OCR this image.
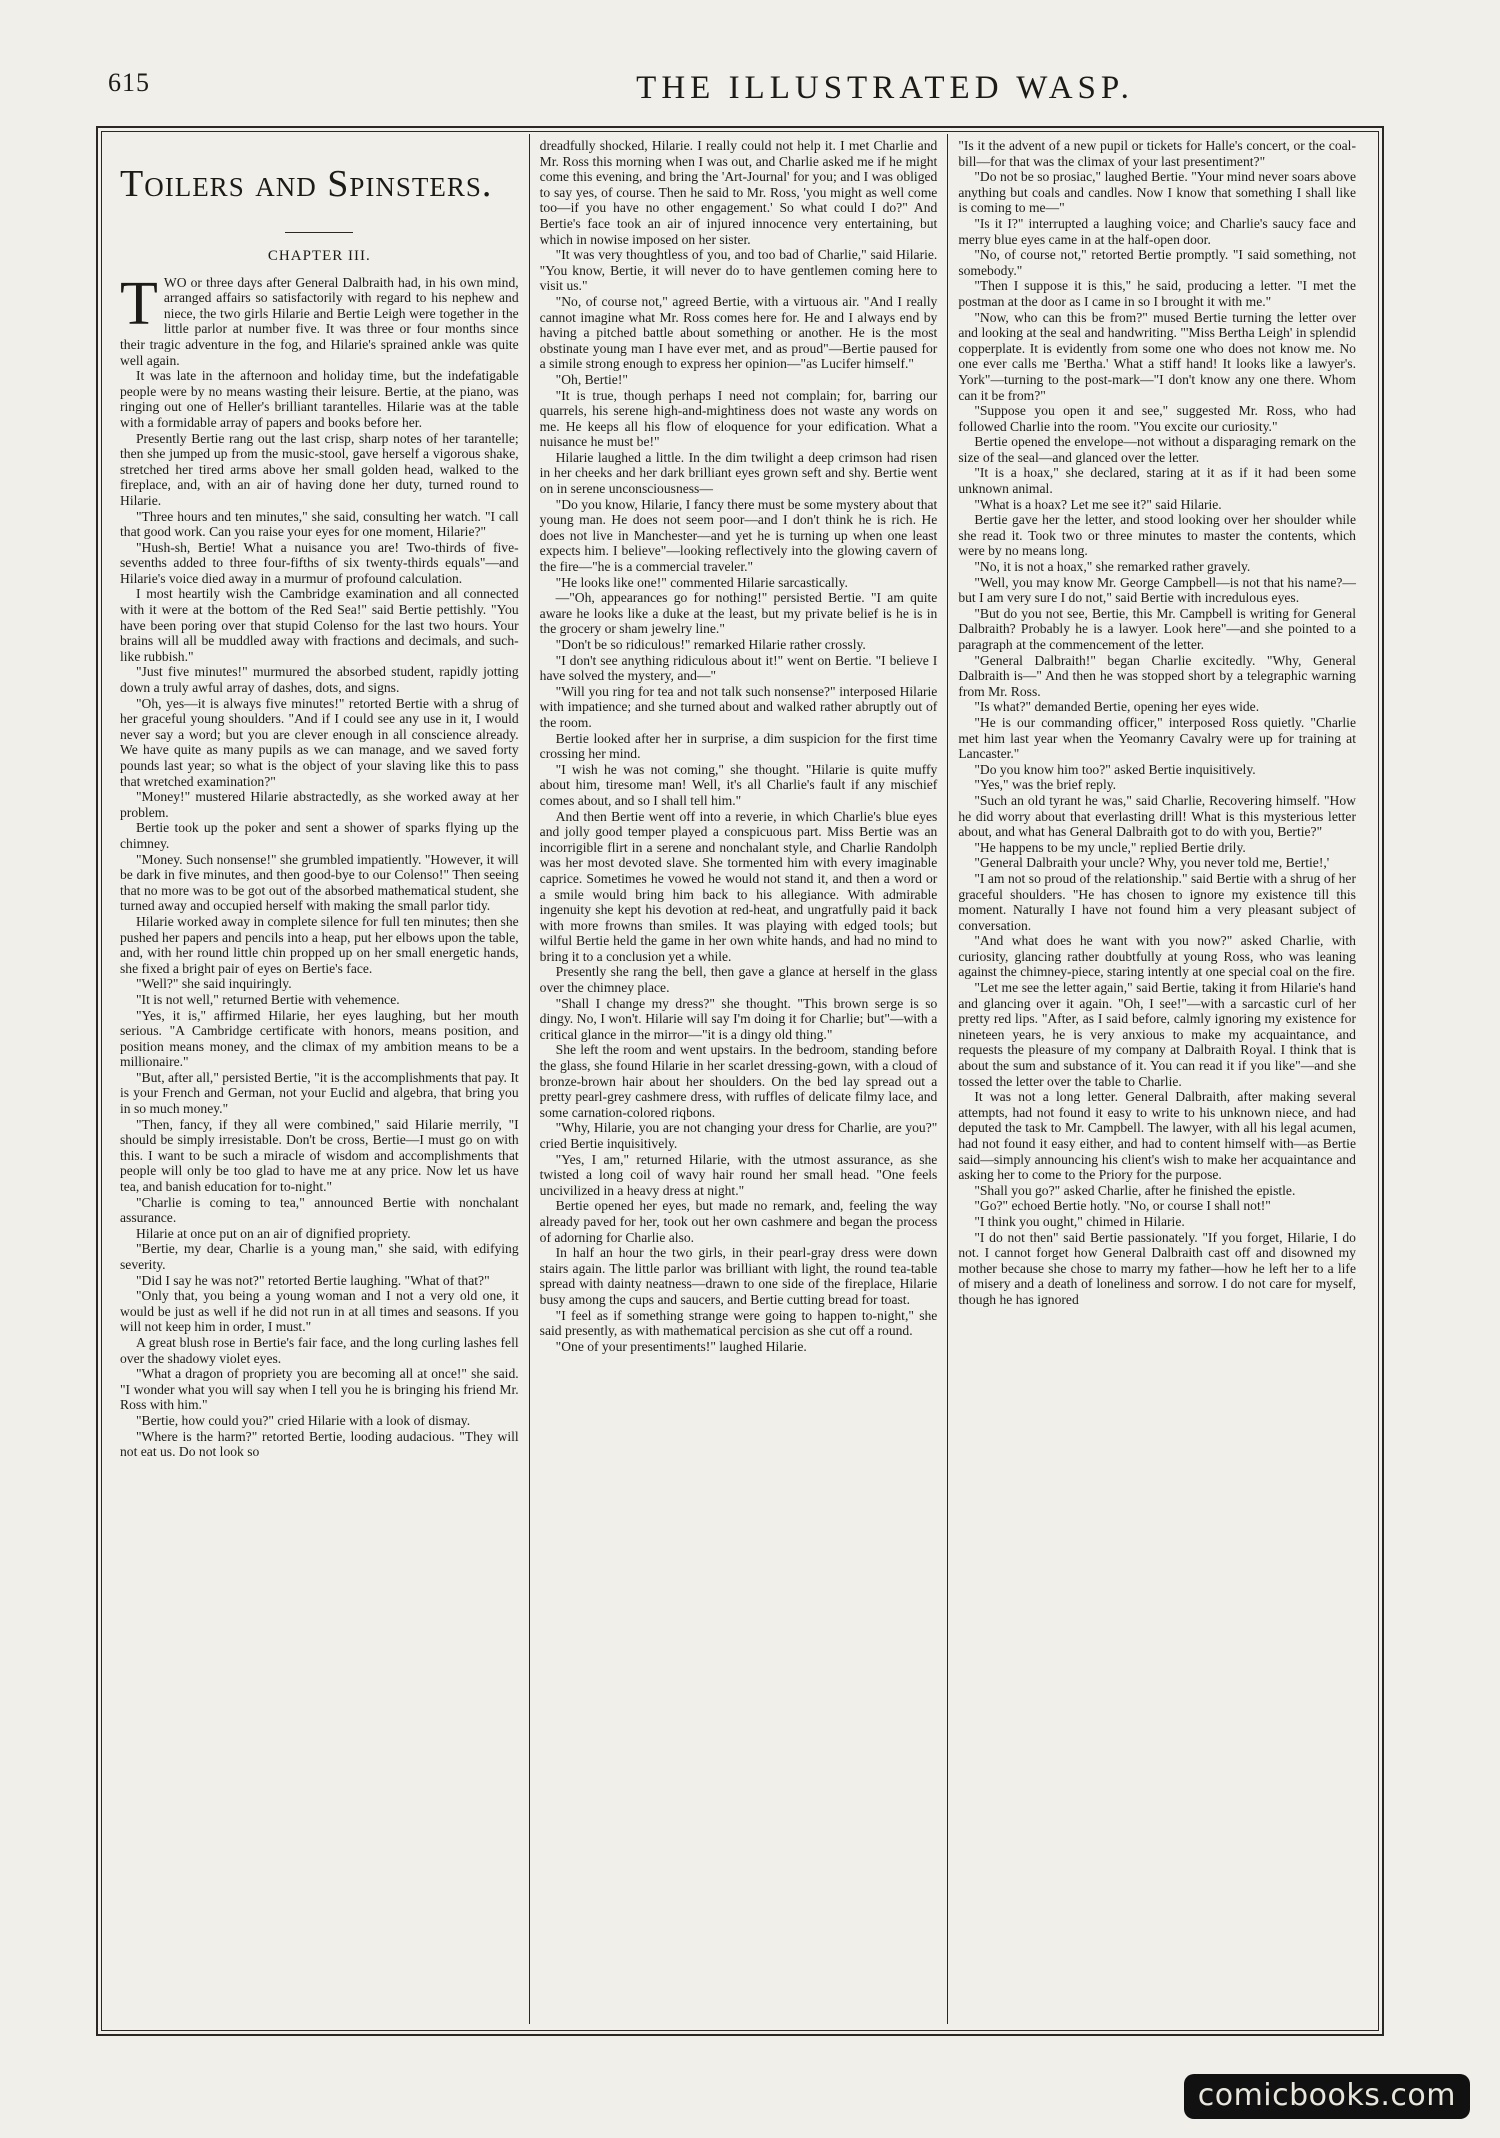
615	THE ILLUSTRATED WASP.
Toilers and Spinsters.
CHAPTER III.

TWO or three days after General Dalbraith had, in his own mind, arranged affairs so satisfactorily with regard to his nephew and niece, the two girls Hilarie and Bertie Leigh were together in the little parlor at number five. It was three or four months since their tragic adventure in the fog, and Hilarie's sprained ankle was quite well again.

It was late in the afternoon and holiday time, but the indefatigable people were by no means wasting their leisure. Bertie, at the piano, was ringing out one of Heller's brilliant tarantelles. Hilarie was at the table with a formidable array of papers and books before her.

Presently Bertie rang out the last crisp, sharp notes of her tarantelle; then she jumped up from the music-stool, gave herself a vigorous shake, stretched her tired arms above her small golden head, walked to the fireplace, and, with an air of having done her duty, turned round to Hilarie.

"Three hours and ten minutes," she said, consulting her watch. "I call that good work. Can you raise your eyes for one moment, Hilarie?"

"Hush-sh, Bertie! What a nuisance you are! Two-thirds of five-sevenths added to three four-fifths of six twenty-thirds equals"—and Hilarie's voice died away in a murmur of profound calculation.

I most heartily wish the Cambridge examination and all connected with it were at the bottom of the Red Sea!" said Bertie pettishly. "You have been poring over that stupid Colenso for the last two hours. Your brains will all be muddled away with fractions and decimals, and such-like rubbish."

"Just five minutes!" murmured the absorbed student, rapidly jotting down a truly awful array of dashes, dots, and signs.

"Oh, yes—it is always five minutes!" retorted Bertie with a shrug of her graceful young shoulders. "And if I could see any use in it, I would never say a word; but you are clever enough in all conscience already. We have quite as many pupils as we can manage, and we saved forty pounds last year; so what is the object of your slaving like this to pass that wretched examination?"

"Money!" mustered Hilarie abstractedly, as she worked away at her problem.

Bertie took up the poker and sent a shower of sparks flying up the chimney.

"Money. Such nonsense!" she grumbled impatiently. "However, it will be dark in five minutes, and then good-bye to our Colenso!" Then seeing that no more was to be got out of the absorbed mathematical student, she turned away and occupied herself with making the small parlor tidy.

Hilarie worked away in complete silence for full ten minutes; then she pushed her papers and pencils into a heap, put her elbows upon the table, and, with her round little chin propped up on her small energetic hands, she fixed a bright pair of eyes on Bertie's face.

"Well?" she said inquiringly.

"It is not well," returned Bertie with vehemence.

"Yes, it is," affirmed Hilarie, her eyes laughing, but her mouth serious. "A Cambridge certificate with honors, means position, and position means money, and the climax of my ambition means to be a millionaire."

"But, after all," persisted Bertie, "it is the accomplishments that pay. It is your French and German, not your Euclid and algebra, that bring you in so much money."

"Then, fancy, if they all were combined," said Hilarie merrily, "I should be simply irresistable. Don't be cross, Bertie—I must go on with this. I want to be such a miracle of wisdom and accomplishments that people will only be too glad to have me at any price. Now let us have tea, and banish education for to-night."

"Charlie is coming to tea," announced Bertie with nonchalant assurance.

Hilarie at once put on an air of dignified propriety.

"Bertie, my dear, Charlie is a young man," she said, with edifying severity.

"Did I say he was not?" retorted Bertie laughing. "What of that?"

"Only that, you being a young woman and I not a very old one, it would be just as well if he did not run in at all times and seasons. If you will not keep him in order, I must."

A great blush rose in Bertie's fair face, and the long curling lashes fell over the shadowy violet eyes.

"What a dragon of propriety you are becoming all at once!" she said. "I wonder what you will say when I tell you he is bringing his friend Mr. Ross with him."

"Bertie, how could you?" cried Hilarie with a look of dismay.

"Where is the harm?" retorted Bertie, looding audacious. "They will not eat us. Do not look so

dreadfully shocked, Hilarie. I really could not help it. I met Charlie and Mr. Ross this morning when I was out, and Charlie asked me if he might come this evening, and bring the 'Art-Journal' for you; and I was obliged to say yes, of course. Then he said to Mr. Ross, 'you might as well come too—if you have no other engagement.' So what could I do?" And Bertie's face took an air of injured innocence very entertaining, but which in nowise imposed on her sister.

"It was very thoughtless of you, and too bad of Charlie," said Hilarie. "You know, Bertie, it will never do to have gentlemen coming here to visit us."

"No, of course not," agreed Bertie, with a virtuous air. "And I really cannot imagine what Mr. Ross comes here for. He and I always end by having a pitched battle about something or another. He is the most obstinate young man I have ever met, and as proud"—Bertie paused for a simile strong enough to express her opinion—"as Lucifer himself."

"Oh, Bertie!"

"It is true, though perhaps I need not complain; for, barring our quarrels, his serene high-and-mightiness does not waste any words on me. He keeps all his flow of eloquence for your edification. What a nuisance he must be!"

Hilarie laughed a little. In the dim twilight a deep crimson had risen in her cheeks and her dark brilliant eyes grown seft and shy. Bertie went on in serene unconsciousness—

"Do you know, Hilarie, I fancy there must be some mystery about that young man. He does not seem poor—and I don't think he is rich. He does not live in Manchester—and yet he is turning up when one least expects him. I believe"—looking reflectively into the glowing cavern of the fire—"he is a commercial traveler."

"He looks like one!" commented Hilarie sarcastically.

—"Oh, appearances go for nothing!" persisted Bertie. "I am quite aware he looks like a duke at the least, but my private belief is he is in the grocery or sham jewelry line."

"Don't be so ridiculous!" remarked Hilarie rather crossly.

"I don't see anything ridiculous about it!" went on Bertie. "I believe I have solved the mystery, and—"

"Will you ring for tea and not talk such nonsense?" interposed Hilarie with impatience; and she turned about and walked rather abruptly out of the room.

Bertie looked after her in surprise, a dim suspicion for the first time crossing her mind.

"I wish he was not coming," she thought. "Hilarie is quite muffy about him, tiresome man! Well, it's all Charlie's fault if any mischief comes about, and so I shall tell him."

And then Bertie went off into a reverie, in which Charlie's blue eyes and jolly good temper played a conspicuous part. Miss Bertie was an incorrigible flirt in a serene and nonchalant style, and Charlie Randolph was her most devoted slave. She tormented him with every imaginable caprice. Sometimes he vowed he would not stand it, and then a word or a smile would bring him back to his allegiance. With admirable ingenuity she kept his devotion at red-heat, and ungratfully paid it back with more frowns than smiles. It was playing with edged tools; but wilful Bertie held the game in her own white hands, and had no mind to bring it to a conclusion yet a while.

Presently she rang the bell, then gave a glance at herself in the glass over the chimney place.

"Shall I change my dress?" she thought. "This brown serge is so dingy. No, I won't. Hilarie will say I'm doing it for Charlie; but"—with a critical glance in the mirror—"it is a dingy old thing."

She left the room and went upstairs. In the bedroom, standing before the glass, she found Hilarie in her scarlet dressing-gown, with a cloud of bronze-brown hair about her shoulders. On the bed lay spread out a pretty pearl-grey cashmere dress, with ruffles of delicate filmy lace, and some carnation-colored riqbons.

"Why, Hilarie, you are not changing your dress for Charlie, are you?" cried Bertie inquisitively.

"Yes, I am," returned Hilarie, with the utmost assurance, as she twisted a long coil of wavy hair round her small head. "One feels uncivilized in a heavy dress at night."

Bertie opened her eyes, but made no remark, and, feeling the way already paved for her, took out her own cashmere and began the process of adorning for Charlie also.

In half an hour the two girls, in their pearl-gray dress were down stairs again. The little parlor was brilliant with light, the round tea-table spread with dainty neatness—drawn to one side of the fireplace, Hilarie busy among the cups and saucers, and Bertie cutting bread for toast.

"I feel as if something strange were going to happen to-night," she said presently, as with mathematical percision as she cut off a round.

"One of your presentiments!" laughed Hilarie.

"Is it the advent of a new pupil or tickets for Halle's concert, or the coal-bill—for that was the climax of your last presentiment?"

"Do not be so prosiac," laughed Bertie. "Your mind never soars above anything but coals and candles. Now I know that something I shall like is coming to me—"

"Is it I?" interrupted a laughing voice; and Charlie's saucy face and merry blue eyes came in at the half-open door.

"No, of course not," retorted Bertie promptly. "I said something, not somebody."

"Then I suppose it is this," he said, producing a letter. "I met the postman at the door as I came in so I brought it with me."

"Now, who can this be from?" mused Bertie turning the letter over and looking at the seal and handwriting. "'Miss Bertha Leigh' in splendid copperplate. It is evidently from some one who does not know me. No one ever calls me 'Bertha.' What a stiff hand! It looks like a lawyer's. York"—turning to the post-mark—"I don't know any one there. Whom can it be from?"

"Suppose you open it and see," suggested Mr. Ross, who had followed Charlie into the room. "You excite our curiosity."

Bertie opened the envelope—not without a disparaging remark on the size of the seal—and glanced over the letter.

"It is a hoax," she declared, staring at it as if it had been some unknown animal.

"What is a hoax? Let me see it?" said Hilarie.

Bertie gave her the letter, and stood looking over her shoulder while she read it. Took two or three minutes to master the contents, which were by no means long.

"No, it is not a hoax," she remarked rather gravely.

"Well, you may know Mr. George Campbell—is not that his name?—but I am very sure I do not," said Bertie with incredulous eyes.

"But do you not see, Bertie, this Mr. Campbell is writing for General Dalbraith? Probably he is a lawyer. Look here"—and she pointed to a paragraph at the commencement of the letter.

"General Dalbraith!" began Charlie excitedly. "Why, General Dalbraith is—" And then he was stopped short by a telegraphic warning from Mr. Ross.

"Is what?" demanded Bertie, opening her eyes wide.

"He is our commanding officer," interposed Ross quietly. "Charlie met him last year when the Yeomanry Cavalry were up for training at Lancaster."

"Do you know him too?" asked Bertie inquisitively.

"Yes," was the brief reply.

"Such an old tyrant he was," said Charlie, Recovering himself. "How he did worry about that everlasting drill! What is this mysterious letter about, and what has General Dalbraith got to do with you, Bertie?"

"He happens to be my uncle," replied Bertie drily.

"General Dalbraith your uncle? Why, you never told me, Bertie!,'

"I am not so proud of the relationship." said Bertie with a shrug of her graceful shoulders. "He has chosen to ignore my existence till this moment. Naturally I have not found him a very pleasant subject of conversation.

"And what does he want with you now?" asked Charlie, with curiosity, glancing rather doubtfully at young Ross, who was leaning against the chimney-piece, staring intently at one special coal on the fire.

"Let me see the letter again," said Bertie, taking it from Hilarie's hand and glancing over it again. "Oh, I see!"—with a sarcastic curl of her pretty red lips. "After, as I said before, calmly ignoring my existence for nineteen years, he is very anxious to make my acquaintance, and requests the pleasure of my company at Dalbraith Royal. I think that is about the sum and substance of it. You can read it if you like"—and she tossed the letter over the table to Charlie.

It was not a long letter. General Dalbraith, after making several attempts, had not found it easy to write to his unknown niece, and had deputed the task to Mr. Campbell. The lawyer, with all his legal acumen, had not found it easy either, and had to content himself with—as Bertie said—simply announcing his client's wish to make her acquaintance and asking her to come to the Priory for the purpose.

"Shall you go?" asked Charlie, after he finished the epistle.

"Go?" echoed Bertie hotly. "No, or course I shall not!"

"I think you ought," chimed in Hilarie.

"I do not then" said Bertie passionately. "If you forget, Hilarie, I do not. I cannot forget how General Dalbraith cast off and disowned my mother because she chose to marry my father—how he left her to a life of misery and a death of loneliness and sorrow. I do not care for myself, though he has ignored

comicbooks.com
